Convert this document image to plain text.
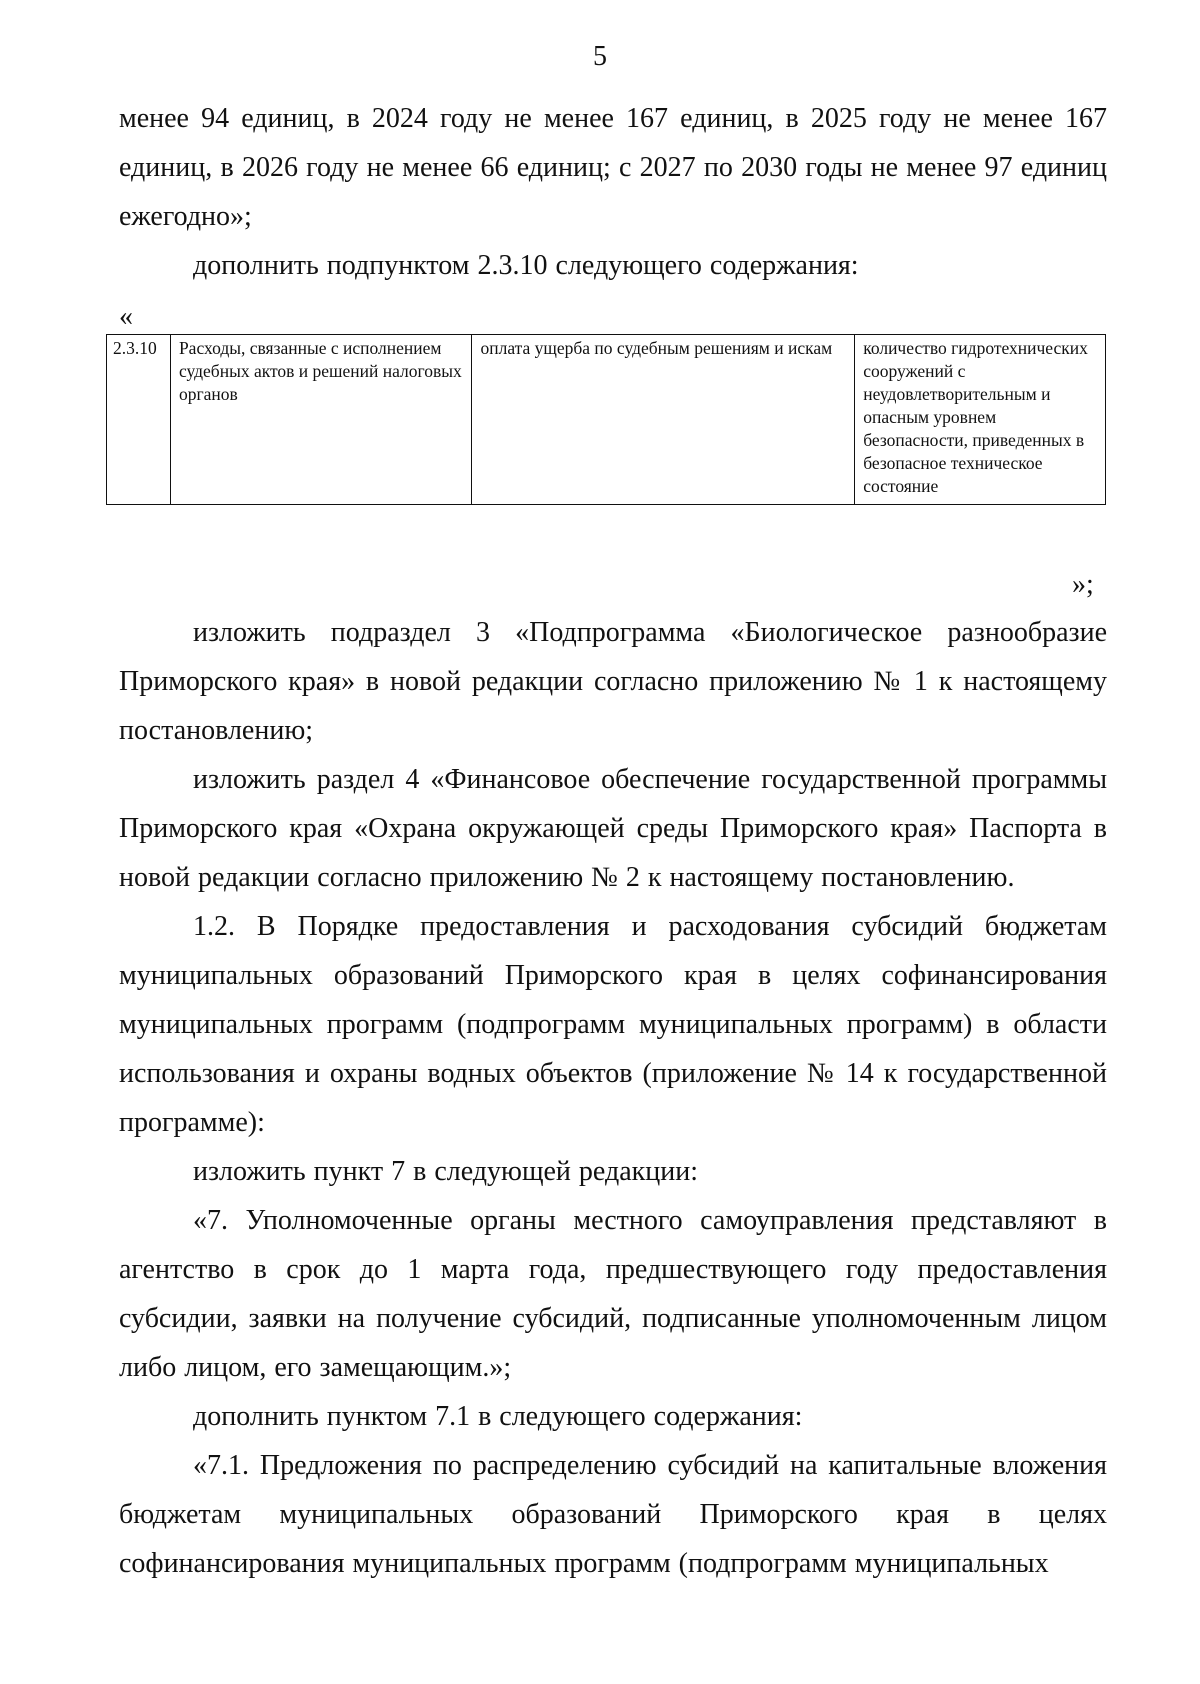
5

менее 94 единиц, в 2024 году не менее 167 единиц, в 2025 году не менее 167 единиц, в 2026 году не менее 66 единиц; с 2027 по 2030 годы не менее 97 единиц ежегодно»;

дополнить подпунктом 2.3.10 следующего содержания:

«
2.3.10	Расходы, связанные с исполнением судебных актов и решений налоговых органов	оплата ущерба по судебным решениям и искам	количество гидротехнических сооружений с неудовлетворительным и опасным уровнем безопасности, приведенных в безопасное техническое состояние
»;

изложить подраздел 3 «Подпрограмма «Биологическое разнообразие Приморского края» в новой редакции согласно приложению № 1 к настоящему постановлению;

изложить раздел 4 «Финансовое обеспечение государственной программы Приморского края «Охрана окружающей среды Приморского края» Паспорта в новой редакции согласно приложению № 2 к настоящему постановлению.

1.2. В Порядке предоставления и расходования субсидий бюджетам муниципальных образований Приморского края в целях софинансирования муниципальных программ (подпрограмм муниципальных программ) в области использования и охраны водных объектов (приложение № 14 к государственной программе):

изложить пункт 7 в следующей редакции:

«7. Уполномоченные органы местного самоуправления представляют в агентство в срок до 1 марта года, предшествующего году предоставления субсидии, заявки на получение субсидий, подписанные уполномоченным лицом либо лицом, его замещающим.»;

дополнить пунктом 7.1 в следующего содержания:

«7.1. Предложения по распределению субсидий на капитальные вложения бюджетам муниципальных образований Приморского края в целях софинансирования муниципальных программ (подпрограмм муниципальных
